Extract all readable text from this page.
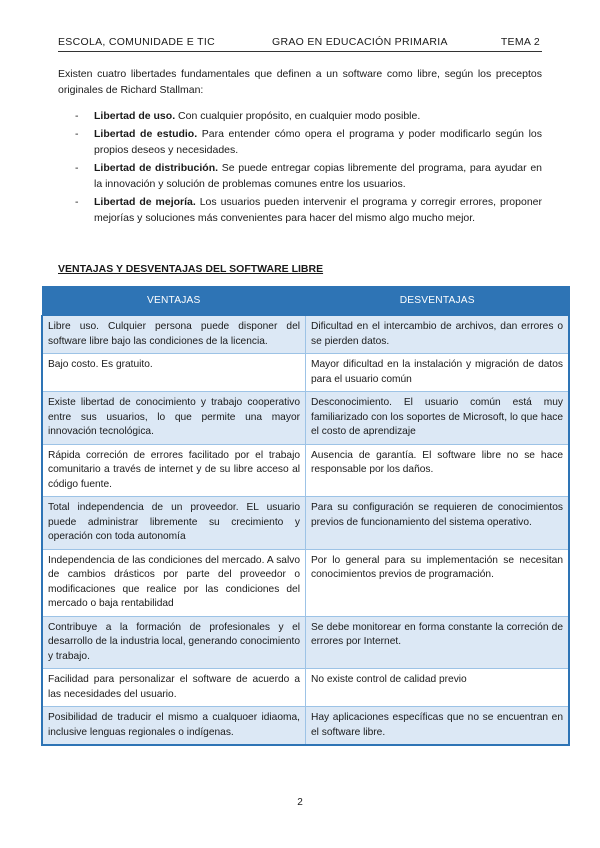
ESCOLA, COMUNIDADE E TIC	GRAO EN EDUCACIÓN PRIMARIA	TEMA 2

Existen cuatro libertades fundamentales que definen a un software como libre, según los preceptos originales de Richard Stallman:

- Libertad de uso. Con cualquier propósito, en cualquier modo posible.
- Libertad de estudio. Para entender cómo opera el programa y poder modificarlo según los propios deseos y necesidades.
- Libertad de distribución. Se puede entregar copias libremente del programa, para ayudar en la innovación y solución de problemas comunes entre los usuarios.
- Libertad de mejoría. Los usuarios pueden intervenir el programa y corregir errores, proponer mejorías y soluciones más convenientes para hacer del mismo algo mucho mejor.

VENTAJAS Y DESVENTAJAS DEL SOFTWARE LIBRE

VENTAJAS	DESVENTAJAS
Libre uso. Culquier persona puede disponer del software libre bajo las condiciones de la licencia.	Dificultad en el intercambio de archivos, dan errores o se pierden datos.
Bajo costo. Es gratuito.	Mayor dificultad en la instalación y migración de datos para el usuario común
Existe libertad de conocimiento y trabajo cooperativo entre sus usuarios, lo que permite una mayor innovación tecnológica.	Desconocimiento. El usuario común está muy familiarizado con los soportes de Microsoft, lo que hace el costo de aprendizaje
Rápida correción de errores facilitado por el trabajo comunitario a través de internet y de su libre acceso al código fuente.	Ausencia de garantía. El software libre no se hace responsable por los daños.
Total independencia de un proveedor. EL usuario puede administrar libremente su crecimiento y operación con toda autonomía	Para su configuración se requieren de conocimientos previos de funcionamiento del sistema operativo.
Independencia de las condiciones del mercado. A salvo de cambios drásticos por parte del proveedor o modificaciones que realice por las condiciones del mercado o baja rentabilidad	Por lo general para su implementación se necesitan conocimientos previos de programación.
Contribuye a la formación de profesionales y el desarrollo de la industria local, generando conocimiento y trabajo.	Se debe monitorear en forma constante la correción de errores por Internet.
Facilidad para personalizar el software de acuerdo a las necesidades del usuario.	No existe control de calidad previo
Posibilidad de traducir el mismo a cualquoer idiaoma, inclusive lenguas regionales o indígenas.	Hay aplicaciones específicas que no se encuentran en el software libre.
2
